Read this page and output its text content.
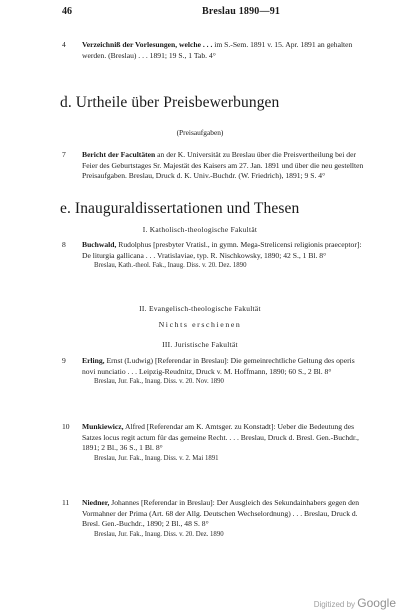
46	Breslau 1890—91
4	Verzeichniß der Vorlesungen, welche . . . im S.-Sem. 1891 v. 15. Apr. 1891 an gehalten werden. (Breslau) . . . 1891; 19 S., 1 Tab. 4°
d. Urtheile über Preisbewerbungen
(Preisaufgaben)
7	Bericht der Facultäten an der K. Universität zu Breslau über die Preisvertheilung bei der Feier des Geburtstages Sr. Majestät des Kaisers am 27. Jan. 1891 und über die neu gestellten Preisaufgaben. Breslau, Druck d. K. Univ.-Buchdr. (W. Friedrich), 1891; 9 S. 4°
e. Inauguraldissertationen und Thesen
I. Katholisch-theologische Fakultät
8	Buchwald, Rudolphus [presbyter Vratisl., in gymn. Mega-Strelicensi religionis praeceptor]: De liturgia gallicana . . . Vratislaviae, typ. R. Nischkowsky, 1890; 42 S., 1 Bl. 8°
Breslau, Kath.-theol. Fak., Inaug. Diss. v. 20. Dez. 1890
II. Evangelisch-theologische Fakultät
Nichts erschienen
III. Juristische Fakultät
9	Erling, Ernst (Ludwig) [Referendar in Breslau]: Die gemeinrechtliche Geltung des operis novi nunciatio . . . Leipzig-Reudnitz, Druck v. M. Hoffmann, 1890; 60 S., 2 Bl. 8°
Breslau, Jur. Fak., Inaug. Diss. v. 20. Nov. 1890
10	Munkiewicz, Alfred [Referendar am K. Amtsger. zu Konstadt]: Ueber die Bedeutung des Satzes locus regit actum für das gemeine Recht. . . . Breslau, Druck d. Bresl. Gen.-Buchdr., 1891; 2 Bl., 36 S., 1 Bl. 8°
Breslau, Jur. Fak., Inaug. Diss. v. 2. Mai 1891
11	Niedner, Johannes [Referendar in Breslau]: Der Ausgleich des Sekundainhabers gegen den Vormahner der Prima (Art. 68 der Allg. Deutschen Wechselordnung) . . . Breslau, Druck d. Bresl. Gen.-Buchdr., 1890; 2 Bl., 48 S. 8°
Breslau, Jur. Fak., Inaug. Diss. v. 20. Dez. 1890
Digitized by Google
